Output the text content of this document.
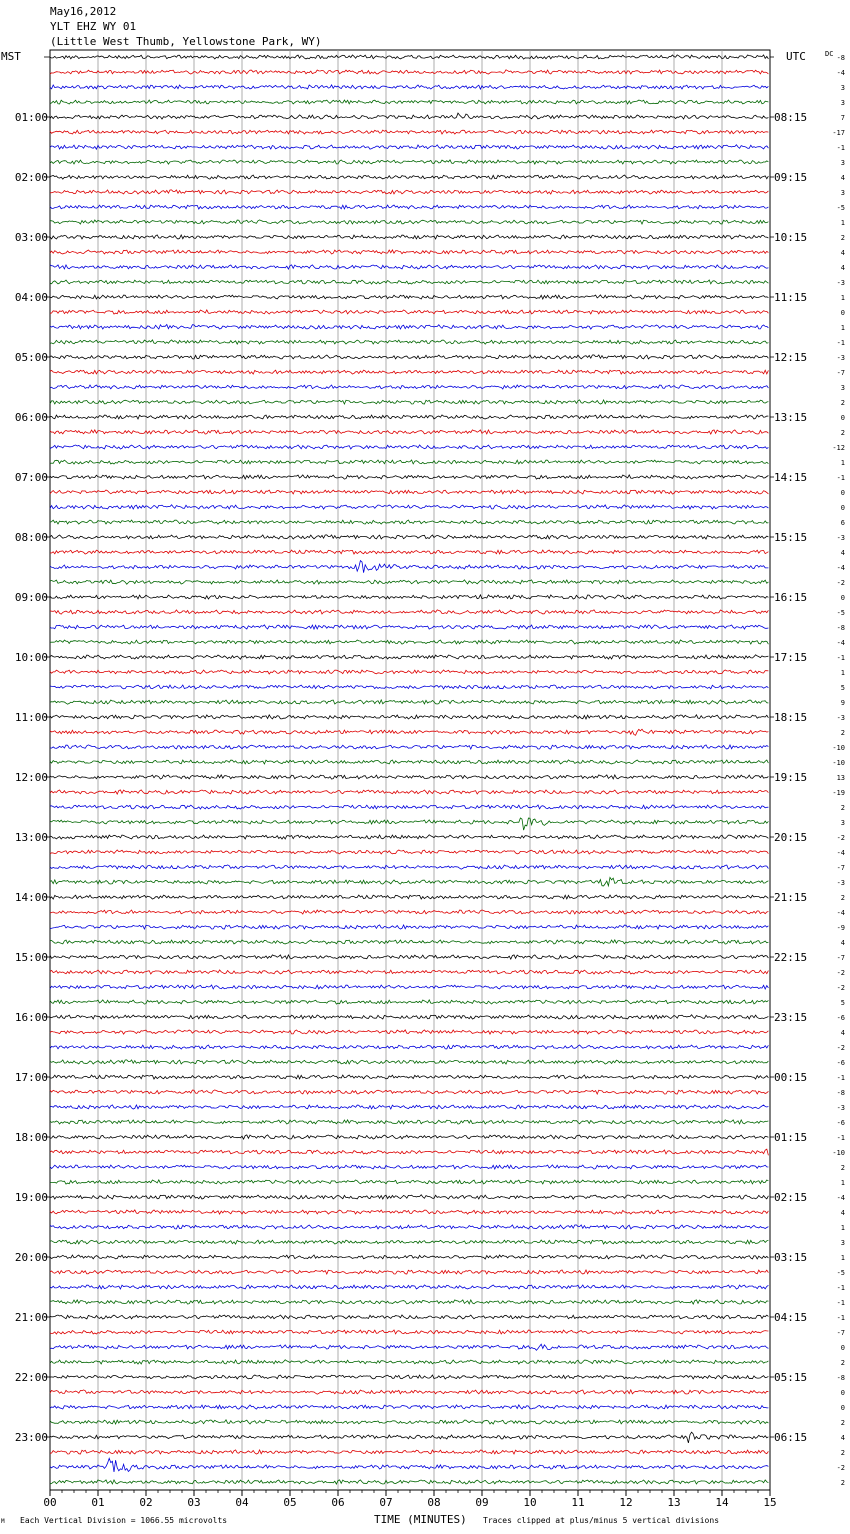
May16,2012
YLT EHZ WY 01
(Little West Thumb, Yellowstone Park, WY)
MST	UTC	DC
00	01	02	03	04	05	06	07	08	09	10	11	12	13	14	15
-8
-4
3
3
7
01:00	08:15
-17
-1
3
4
02:00	09:15
3
-5
1
2
03:00	10:15
4
4
-3
1
04:00	11:15
0
1
-1
-3
05:00	12:15
-7
3
2
0
06:00	13:15
2
-12
1
-1
07:00	14:15
0
0
6
-3
08:00	15:15
4
-4
-2
0
09:00	16:15
-5
-8
-4
-1
10:00	17:15
1
5
9
-3
11:00	18:15
2
-10
-10
13
12:00	19:15
-19
2
3
-2
13:00	20:15
-4
-7
-3
2
14:00	21:15
-4
-9
4
-7
15:00	22:15
-2
-2
5
-6
16:00	23:15
4
-2
-6
-1
17:00	00:15
-8
-3
-6
-1
18:00	01:15
-10
2
1
-4
19:00	02:15
4
1
3
1
20:00	03:15
-5
-1
-1
-1
21:00	04:15
-7
0
2
-8
22:00	05:15
0
0
2
4
23:00	06:15
2
-2
2
M Each Vertical Division = 1066.55 microvolts	TIME (MINUTES) Traces clipped at plus/minus 5 vertical divisions
